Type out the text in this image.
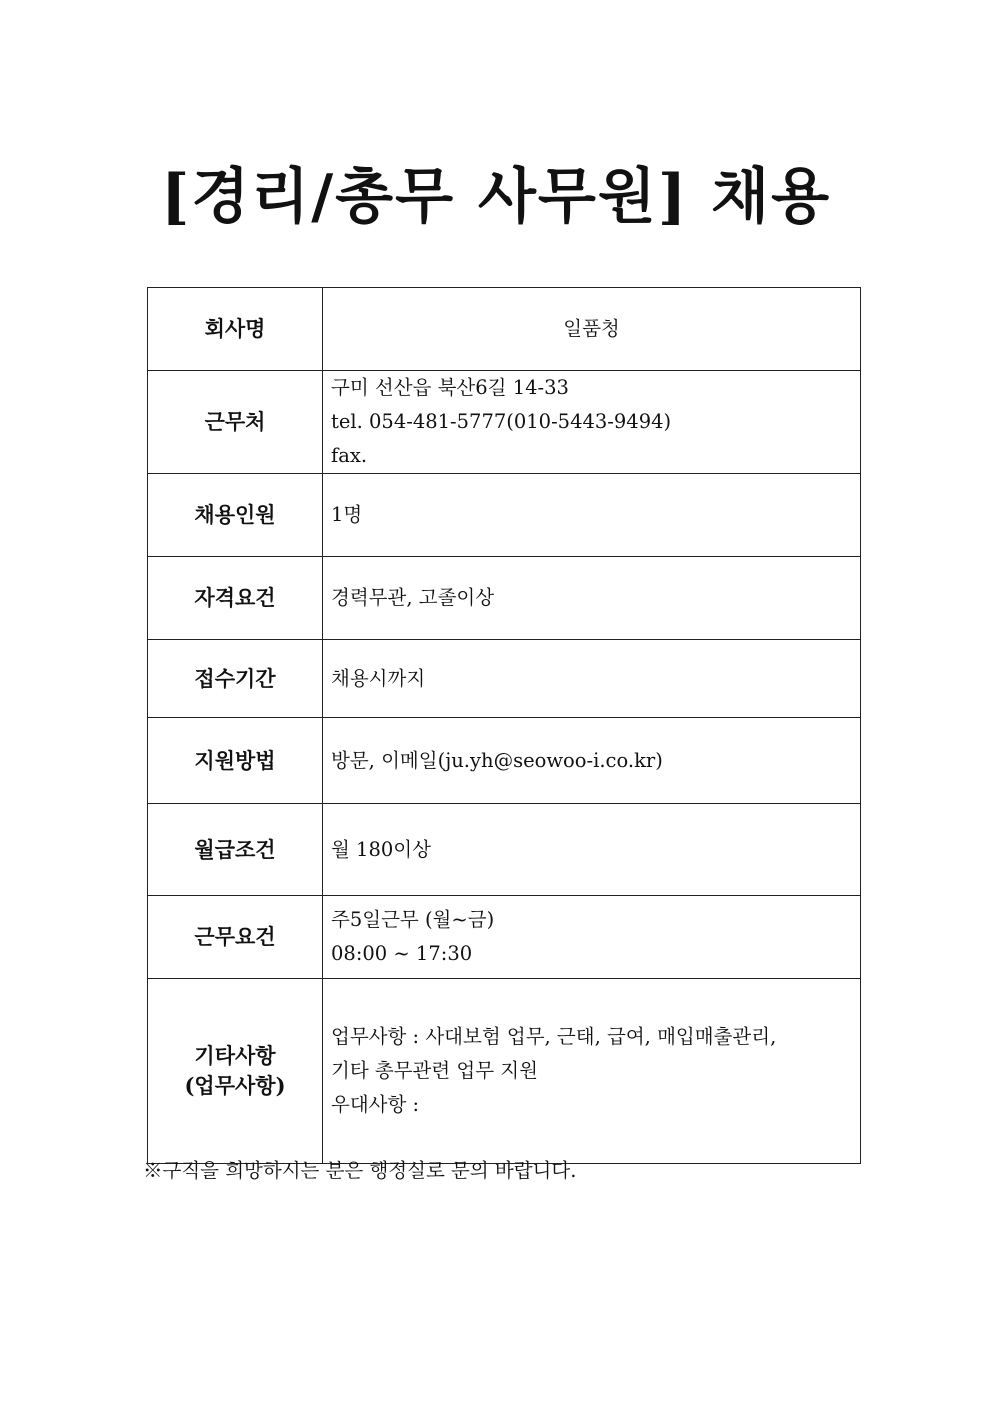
[경리/총무 사무원] 채용
회사명	일품청

근무처	구미 선산읍 북산6길 14-33
tel. 054-481-5777(010-5443-9494)
fax.

채용인원	1명

자격요건	경력무관, 고졸이상

접수기간	채용시까지

지원방법	방문, 이메일(ju.yh@seowoo-i.co.kr)

월급조건	월 180이상

근무요건	주5일근무 (월~금)
08:00 ~ 17:30

기타사항
(업무사항)	업무사항 : 사대보험 업무, 근태, 급여, 매입매출관리,
기타 총무관련 업무 지원
우대사항 :
※구직을 희망하시는 분은 행정실로 문의 바랍니다.
